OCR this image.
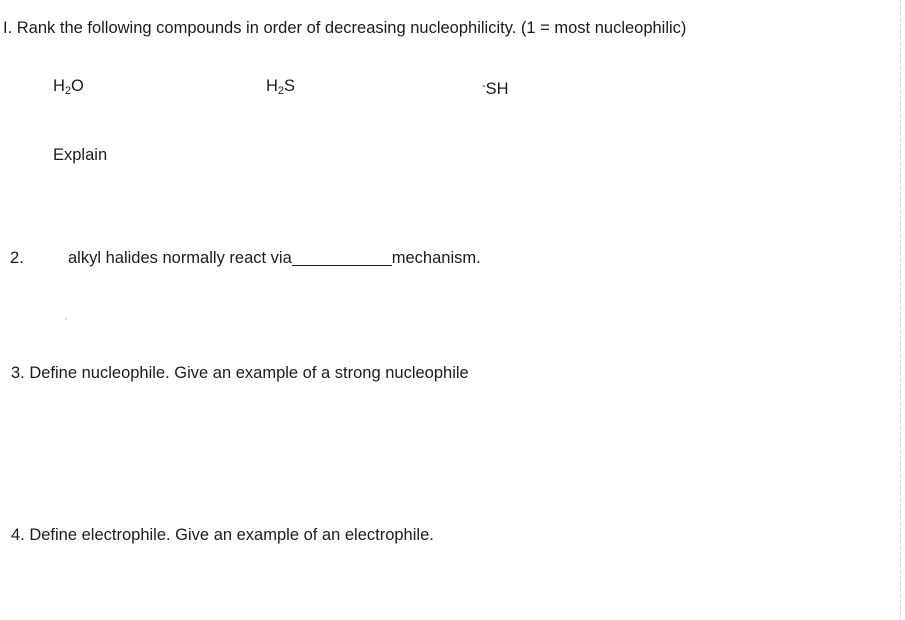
I. Rank the following compounds in order of decreasing nucleophilicity. (1 = most nucleophilic)
$H_2O$	$H_2S$	-SH
Explain
2.	alkyl halides normally react via	mechanism.
3. Define nucleophile. Give an example of a strong nucleophile
4. Define electrophile. Give an example of an electrophile.
